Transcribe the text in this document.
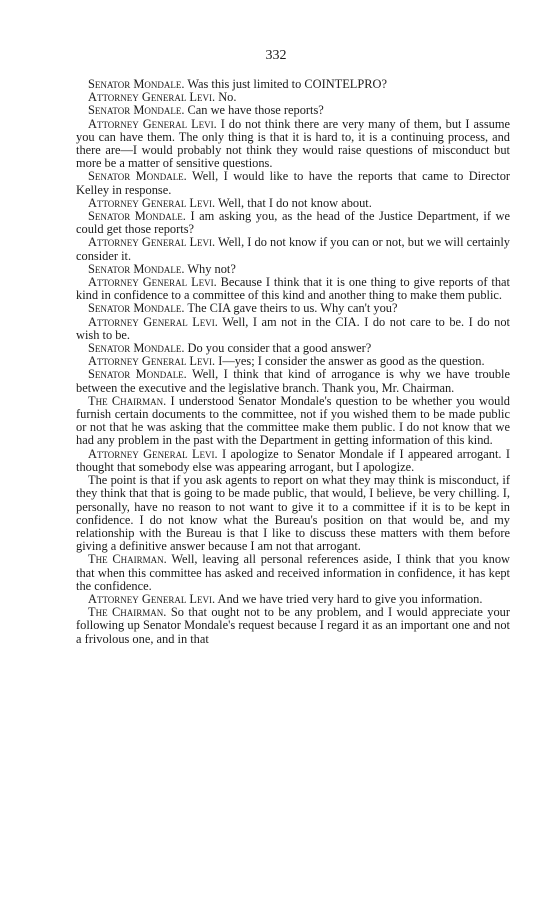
332

Senator Mondale. Was this just limited to COINTELPRO?

Attorney General Levi. No.

Senator Mondale. Can we have those reports?

Attorney General Levi. I do not think there are very many of them, but I assume you can have them. The only thing is that it is hard to, it is a continuing process, and there are—I would probably not think they would raise questions of misconduct but more be a matter of sensitive questions.

Senator Mondale. Well, I would like to have the reports that came to Director Kelley in response.

Attorney General Levi. Well, that I do not know about.

Senator Mondale. I am asking you, as the head of the Justice Department, if we could get those reports?

Attorney General Levi. Well, I do not know if you can or not, but we will certainly consider it.

Senator Mondale. Why not?

Attorney General Levi. Because I think that it is one thing to give reports of that kind in confidence to a committee of this kind and another thing to make them public.

Senator Mondale. The CIA gave theirs to us. Why can't you?

Attorney General Levi. Well, I am not in the CIA. I do not care to be. I do not wish to be.

Senator Mondale. Do you consider that a good answer?

Attorney General Levi. I—yes; I consider the answer as good as the question.

Senator Mondale. Well, I think that kind of arrogance is why we have trouble between the executive and the legislative branch. Thank you, Mr. Chairman.

The Chairman. I understood Senator Mondale's question to be whether you would furnish certain documents to the committee, not if you wished them to be made public or not that he was asking that the committee make them public. I do not know that we had any problem in the past with the Department in getting information of this kind.

Attorney General Levi. I apologize to Senator Mondale if I appeared arrogant. I thought that somebody else was appearing arrogant, but I apologize.

The point is that if you ask agents to report on what they may think is misconduct, if they think that that is going to be made public, that would, I believe, be very chilling. I, personally, have no reason to not want to give it to a committee if it is to be kept in confidence. I do not know what the Bureau's position on that would be, and my relationship with the Bureau is that I like to discuss these matters with them before giving a definitive answer because I am not that arrogant.

The Chairman. Well, leaving all personal references aside, I think that you know that when this committee has asked and received information in confidence, it has kept the confidence.

Attorney General Levi. And we have tried very hard to give you information.

The Chairman. So that ought not to be any problem, and I would appreciate your following up Senator Mondale's request because I regard it as an important one and not a frivolous one, and in that
